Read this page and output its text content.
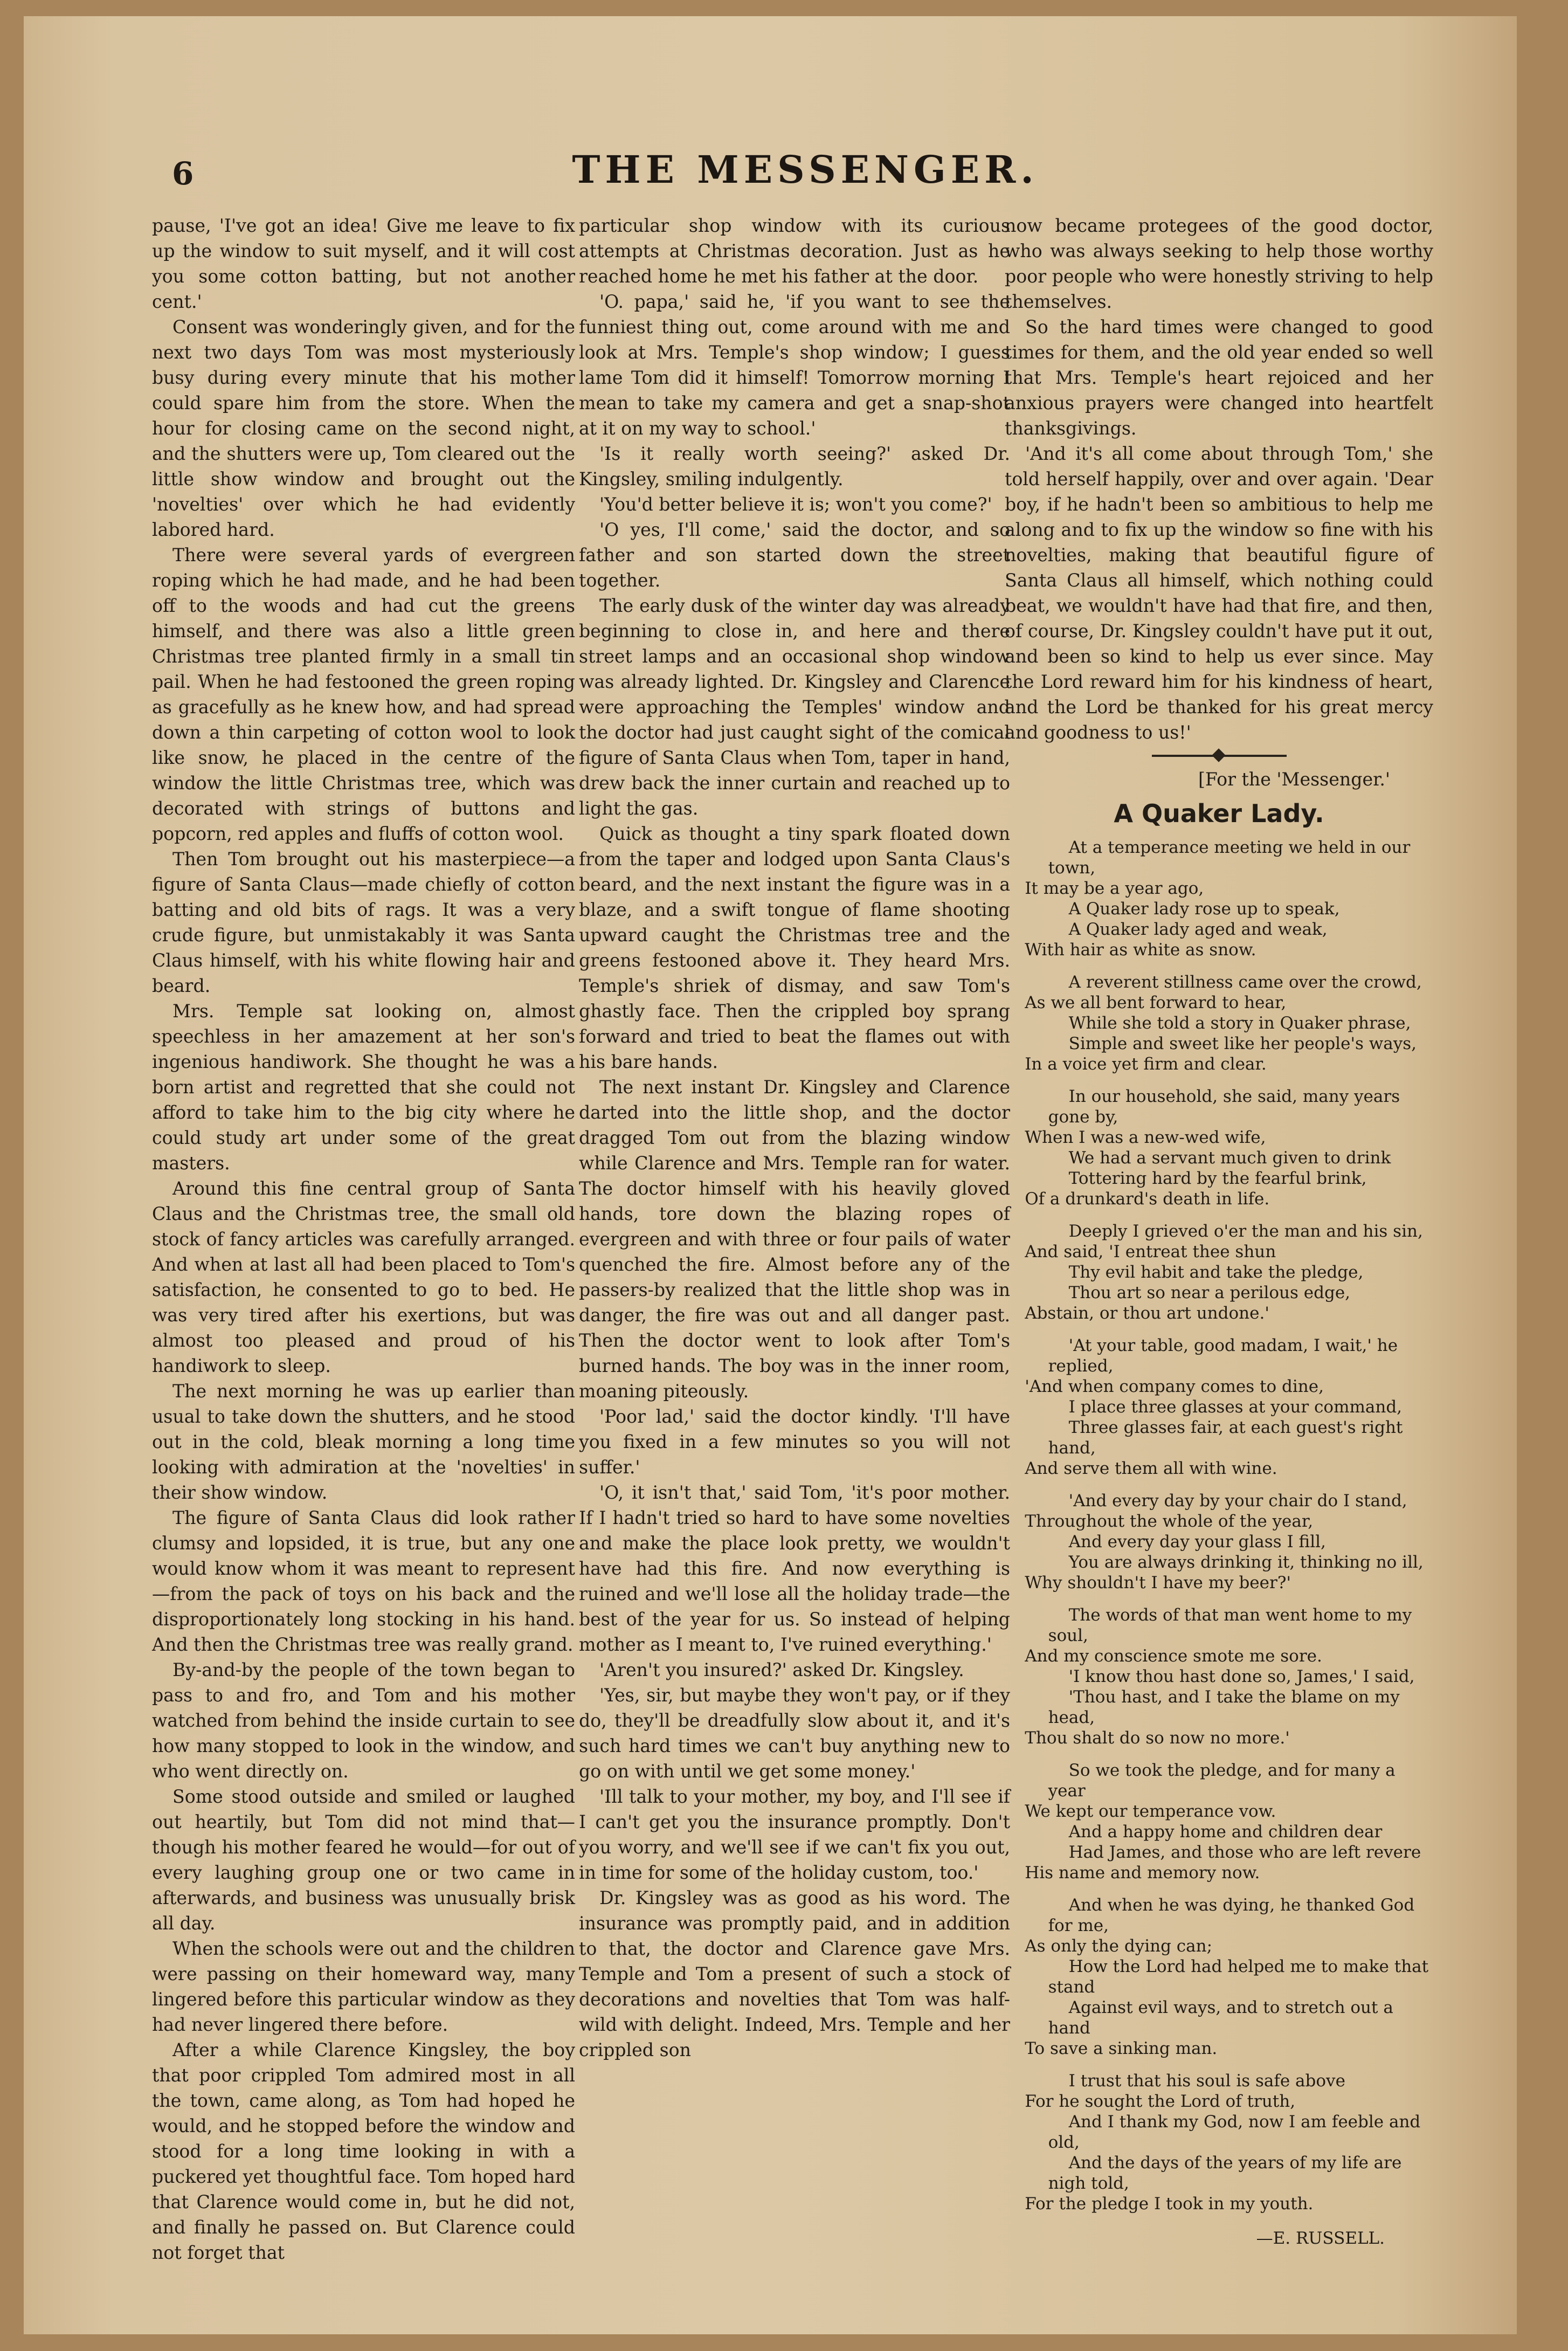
6	THE MESSENGER.

pause, 'I've got an idea! Give me leave to fix up the window to suit myself, and it will cost you some cotton batting, but not another cent.'

Consent was wonderingly given, and for the next two days Tom was most mysteriously busy during every minute that his mother could spare him from the store. When the hour for closing came on the second night, and the shutters were up, Tom cleared out the little show window and brought out the 'novelties' over which he had evidently labored hard.

There were several yards of evergreen roping which he had made, and he had been off to the woods and had cut the greens himself, and there was also a little green Christmas tree planted firmly in a small tin pail. When he had festooned the green roping as gracefully as he knew how, and had spread down a thin carpeting of cotton wool to look like snow, he placed in the centre of the window the little Christmas tree, which was decorated with strings of buttons and popcorn, red apples and fluffs of cotton wool.

Then Tom brought out his masterpiece—a figure of Santa Claus—made chiefly of cotton batting and old bits of rags. It was a very crude figure, but unmistakably it was Santa Claus himself, with his white flowing hair and beard.

Mrs. Temple sat looking on, almost speechless in her amazement at her son's ingenious handiwork. She thought he was a born artist and regretted that she could not afford to take him to the big city where he could study art under some of the great masters.

Around this fine central group of Santa Claus and the Christmas tree, the small old stock of fancy articles was carefully arranged. And when at last all had been placed to Tom's satisfaction, he consented to go to bed. He was very tired after his exertions, but was almost too pleased and proud of his handiwork to sleep.

The next morning he was up earlier than usual to take down the shutters, and he stood out in the cold, bleak morning a long time looking with admiration at the 'novelties' in their show window.

The figure of Santa Claus did look rather clumsy and lopsided, it is true, but any one would know whom it was meant to represent—from the pack of toys on his back and the disproportionately long stocking in his hand. And then the Christmas tree was really grand.

By-and-by the people of the town began to pass to and fro, and Tom and his mother watched from behind the inside curtain to see how many stopped to look in the window, and who went directly on.

Some stood outside and smiled or laughed out heartily, but Tom did not mind that—though his mother feared he would—for out of every laughing group one or two came in afterwards, and business was unusually brisk all day.

When the schools were out and the children were passing on their homeward way, many lingered before this particular window as they had never lingered there before.

After a while Clarence Kingsley, the boy that poor crippled Tom admired most in all the town, came along, as Tom had hoped he would, and he stopped before the window and stood for a long time looking in with a puckered yet thoughtful face. Tom hoped hard that Clarence would come in, but he did not, and finally he passed on. But Clarence could not forget that

particular shop window with its curious attempts at Christmas decoration. Just as he reached home he met his father at the door.

'O. papa,' said he, 'if you want to see the funniest thing out, come around with me and look at Mrs. Temple's shop window; I guess lame Tom did it himself! Tomorrow morning I mean to take my camera and get a snap-shot at it on my way to school.'

'Is it really worth seeing?' asked Dr. Kingsley, smiling indulgently.

'You'd better believe it is; won't you come?'

'O yes, I'll come,' said the doctor, and so father and son started down the street together.

The early dusk of the winter day was already beginning to close in, and here and there street lamps and an occasional shop window was already lighted. Dr. Kingsley and Clarence were approaching the Temples' window and the doctor had just caught sight of the comical figure of Santa Claus when Tom, taper in hand, drew back the inner curtain and reached up to light the gas.

Quick as thought a tiny spark floated down from the taper and lodged upon Santa Claus's beard, and the next instant the figure was in a blaze, and a swift tongue of flame shooting upward caught the Christmas tree and the greens festooned above it. They heard Mrs. Temple's shriek of dismay, and saw Tom's ghastly face. Then the crippled boy sprang forward and tried to beat the flames out with his bare hands.

The next instant Dr. Kingsley and Clarence darted into the little shop, and the doctor dragged Tom out from the blazing window while Clarence and Mrs. Temple ran for water. The doctor himself with his heavily gloved hands, tore down the blazing ropes of evergreen and with three or four pails of water quenched the fire. Almost before any of the passers-by realized that the little shop was in danger, the fire was out and all danger past. Then the doctor went to look after Tom's burned hands. The boy was in the inner room, moaning piteously.

'Poor lad,' said the doctor kindly. 'I'll have you fixed in a few minutes so you will not suffer.'

'O, it isn't that,' said Tom, 'it's poor mother. If I hadn't tried so hard to have some novelties and make the place look pretty, we wouldn't have had this fire. And now everything is ruined and we'll lose all the holiday trade—the best of the year for us. So instead of helping mother as I meant to, I've ruined everything.'

'Aren't you insured?' asked Dr. Kingsley.

'Yes, sir, but maybe they won't pay, or if they do, they'll be dreadfully slow about it, and it's such hard times we can't buy anything new to go on with until we get some money.'

'Ill talk to your mother, my boy, and I'll see if I can't get you the insurance promptly. Don't you worry, and we'll see if we can't fix you out, in time for some of the holiday custom, too.'

Dr. Kingsley was as good as his word. The insurance was promptly paid, and in addition to that, the doctor and Clarence gave Mrs. Temple and Tom a present of such a stock of decorations and novelties that Tom was half-wild with delight. Indeed, Mrs. Temple and her crippled son

now became protegees of the good doctor, who was always seeking to help those worthy poor people who were honestly striving to help themselves.

So the hard times were changed to good times for them, and the old year ended so well that Mrs. Temple's heart rejoiced and her anxious prayers were changed into heartfelt thanksgivings.

'And it's all come about through Tom,' she told herself happily, over and over again. 'Dear boy, if he hadn't been so ambitious to help me along and to fix up the window so fine with his novelties, making that beautiful figure of Santa Claus all himself, which nothing could beat, we wouldn't have had that fire, and then, of course, Dr. Kingsley couldn't have put it out, and been so kind to help us ever since. May the Lord reward him for his kindness of heart, and the Lord be thanked for his great mercy and goodness to us!'

[For the 'Messenger.'

A Quaker Lady.

At a temperance meeting we held in our town,

It may be a year ago,

A Quaker lady rose up to speak,

A Quaker lady aged and weak,

With hair as white as snow.

A reverent stillness came over the crowd,

As we all bent forward to hear,

While she told a story in Quaker phrase,

Simple and sweet like her people's ways,

In a voice yet firm and clear.

In our household, she said, many years gone by,

When I was a new-wed wife,

We had a servant much given to drink

Tottering hard by the fearful brink,

Of a drunkard's death in life.

Deeply I grieved o'er the man and his sin,

And said, 'I entreat thee shun

Thy evil habit and take the pledge,

Thou art so near a perilous edge,

Abstain, or thou art undone.'

'At your table, good madam, I wait,' he replied,

'And when company comes to dine,

I place three glasses at your command,

Three glasses fair, at each guest's right hand,

And serve them all with wine.

'And every day by your chair do I stand,

Throughout the whole of the year,

And every day your glass I fill,

You are always drinking it, thinking no ill,

Why shouldn't I have my beer?'

The words of that man went home to my soul,

And my conscience smote me sore.

'I know thou hast done so, James,' I said,

'Thou hast, and I take the blame on my head,

Thou shalt do so now no more.'

So we took the pledge, and for many a year

We kept our temperance vow.

And a happy home and children dear

Had James, and those who are left revere

His name and memory now.

And when he was dying, he thanked God for me,

As only the dying can;

How the Lord had helped me to make that stand

Against evil ways, and to stretch out a hand

To save a sinking man.

I trust that his soul is safe above

For he sought the Lord of truth,

And I thank my God, now I am feeble and old,

And the days of the years of my life are nigh told,

For the pledge I took in my youth.

—E. RUSSELL.
